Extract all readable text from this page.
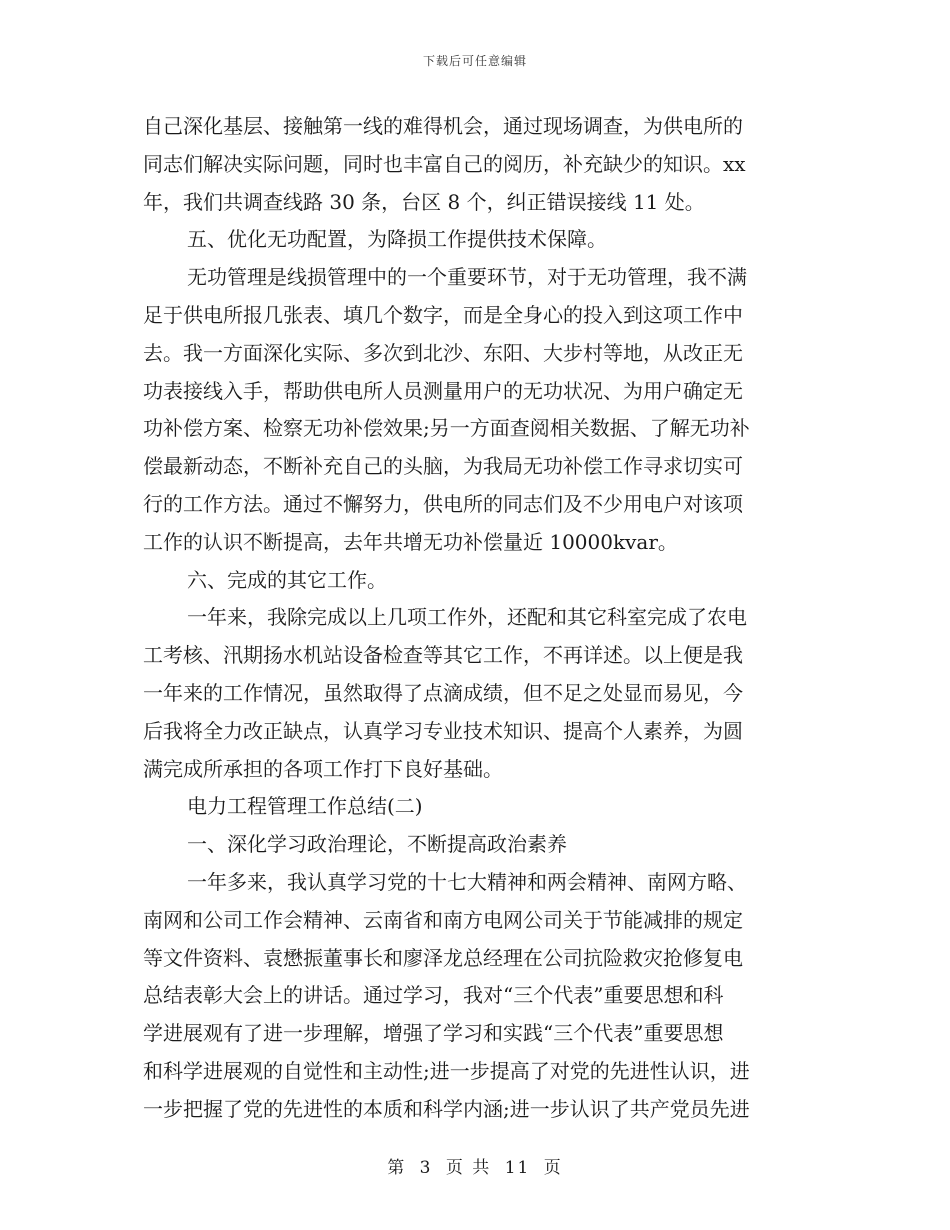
下载后可任意编辑
自己深化基层、接触第一线的难得机会，通过现场调查，为供电所的
同志们解决实际问题，同时也丰富自己的阅历，补充缺少的知识。xx
年，我们共调查线路 30 条，台区 8 个，纠正错误接线 11 处。
五、优化无功配置，为降损工作提供技术保障。
无功管理是线损管理中的一个重要环节，对于无功管理，我不满
足于供电所报几张表、填几个数字，而是全身心的投入到这项工作中
去。我一方面深化实际、多次到北沙、东阳、大步村等地，从改正无
功表接线入手，帮助供电所人员测量用户的无功状况、为用户确定无
功补偿方案、检察无功补偿效果;另一方面查阅相关数据、了解无功补
偿最新动态，不断补充自己的头脑，为我局无功补偿工作寻求切实可
行的工作方法。通过不懈努力，供电所的同志们及不少用电户对该项
工作的认识不断提高，去年共增无功补偿量近 10000kvar。
六、完成的其它工作。
一年来，我除完成以上几项工作外，还配和其它科室完成了农电
工考核、汛期扬水机站设备检查等其它工作，不再详述。以上便是我
一年来的工作情况，虽然取得了点滴成绩，但不足之处显而易见，今
后我将全力改正缺点，认真学习专业技术知识、提高个人素养，为圆
满完成所承担的各项工作打下良好基础。
电力工程管理工作总结(二)
一、深化学习政治理论，不断提高政治素养
一年多来，我认真学习党的十七大精神和两会精神、南网方略、
南网和公司工作会精神、云南省和南方电网公司关于节能减排的规定
等文件资料、袁懋振董事长和廖泽龙总经理在公司抗险救灾抢修复电
总结表彰大会上的讲话。通过学习，我对“三个代表”重要思想和科
学进展观有了进一步理解，增强了学习和实践“三个代表”重要思想
和科学进展观的自觉性和主动性;进一步提高了对党的先进性认识，进
一步把握了党的先进性的本质和科学内涵;进一步认识了共产党员先进
第 3 页 共 11 页
